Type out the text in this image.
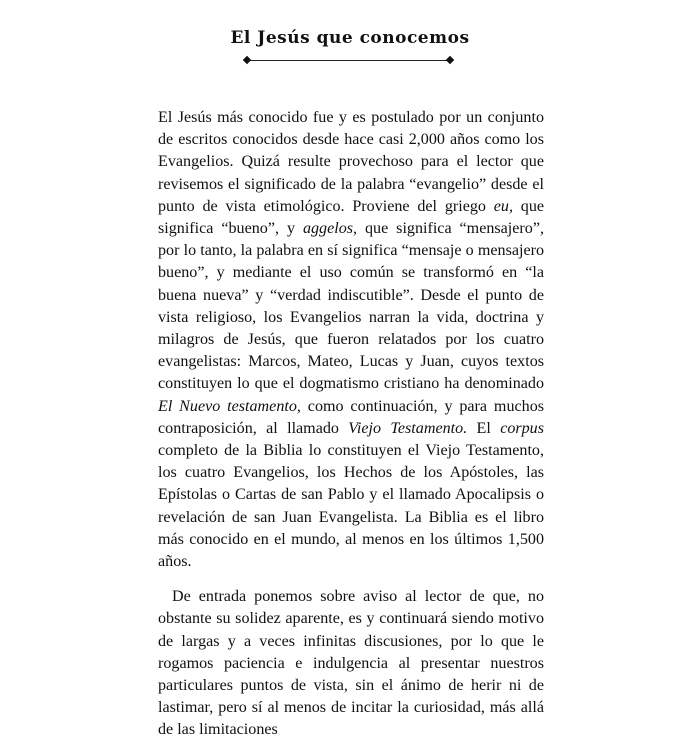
El Jesús que conocemos

El Jesús más conocido fue y es postulado por un conjunto de escritos conocidos desde hace casi 2,000 años como los Evangelios. Quizá resulte provechoso para el lector que revisemos el significado de la palabra “evangelio” desde el punto de vista etimológico. Proviene del griego eu, que significa “bueno”, y aggelos, que significa “mensajero”, por lo tanto, la palabra en sí significa “mensaje o mensajero bueno”, y mediante el uso común se transformó en “la buena nueva” y “verdad indiscutible”. Desde el punto de vista religioso, los Evangelios narran la vida, doctrina y milagros de Jesús, que fueron relatados por los cuatro evangelistas: Marcos, Mateo, Lucas y Juan, cuyos textos constituyen lo que el dogmatismo cristiano ha denominado El Nuevo testamento, como continuación, y para muchos contraposición, al llamado Viejo Testamento. El corpus completo de la Biblia lo constituyen el Viejo Testamento, los cuatro Evangelios, los Hechos de los Apóstoles, las Epístolas o Cartas de san Pablo y el llamado Apocalipsis o revelación de san Juan Evangelista. La Biblia es el libro más conocido en el mundo, al menos en los últimos 1,500 años.

De entrada ponemos sobre aviso al lector de que, no obstante su solidez aparente, es y continuará siendo motivo de largas y a veces infinitas discusiones, por lo que le rogamos paciencia e indulgencia al presentar nuestros particulares puntos de vista, sin el ánimo de herir ni de lastimar, pero sí al menos de incitar la curiosidad, más allá de las limitaciones
